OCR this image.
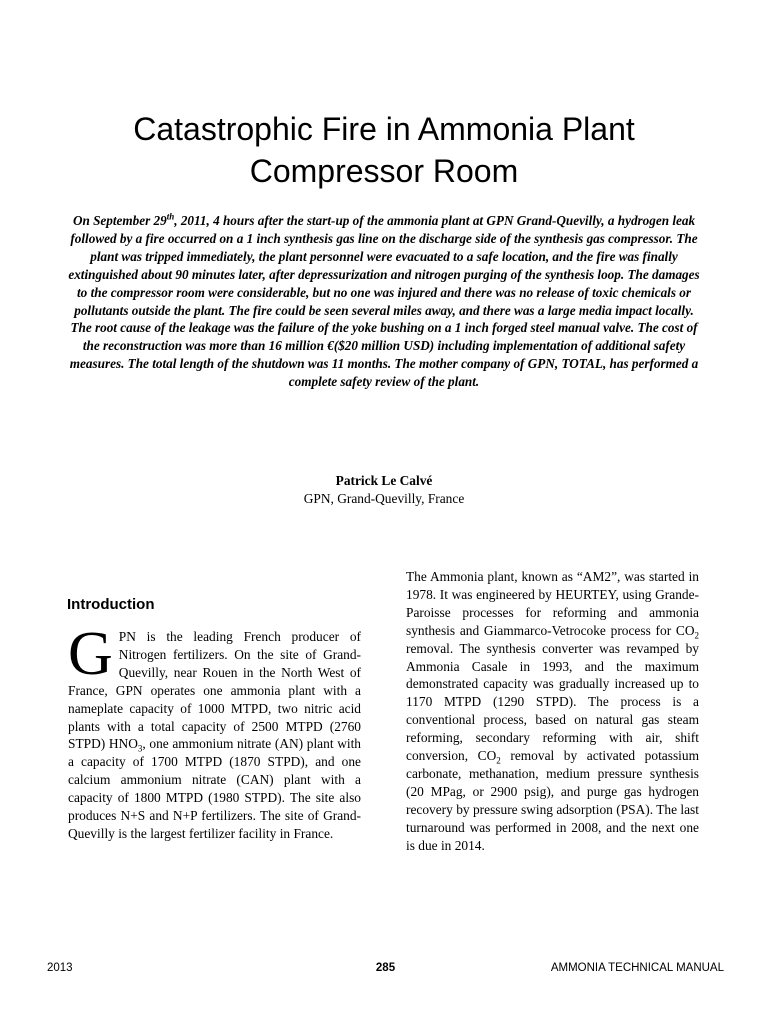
Catastrophic Fire in Ammonia Plant
Compressor Room
On September 29th, 2011, 4 hours after the start-up of the ammonia plant at GPN Grand-Quevilly, a hydrogen leak followed by a fire occurred on a 1 inch synthesis gas line on the discharge side of the synthesis gas compressor. The plant was tripped immediately, the plant personnel were evacuated to a safe location, and the fire was finally extinguished about 90 minutes later, after depressurization and nitrogen purging of the synthesis loop. The damages to the compressor room were considerable, but no one was injured and there was no release of toxic chemicals or pollutants outside the plant. The fire could be seen several miles away, and there was a large media impact locally. The root cause of the leakage was the failure of the yoke bushing on a 1 inch forged steel manual valve. The cost of the reconstruction was more than 16 million €($20 million USD) including implementation of additional safety measures. The total length of the shutdown was 11 months. The mother company of GPN, TOTAL, has performed a complete safety review of the plant.
Patrick Le Calvé
GPN, Grand-Quevilly, France
Introduction

GPN is the leading French producer of Nitrogen fertilizers. On the site of Grand-Quevilly, near Rouen in the North West of France, GPN operates one ammonia plant with a nameplate capacity of 1000 MTPD, two nitric acid plants with a total capacity of 2500 MTPD (2760 STPD) $HNO_3$, one ammonium nitrate (AN) plant with a capacity of 1700 MTPD (1870 STPD), and one calcium ammonium nitrate (CAN) plant with a capacity of 1800 MTPD (1980 STPD). The site also produces N+S and N+P fertilizers. The site of Grand-Quevilly is the largest fertilizer facility in France.

The Ammonia plant, known as “AM2”, was started in 1978. It was engineered by HEURTEY, using Grande-Paroisse processes for reforming and ammonia synthesis and Giammarco-Vetrocoke process for $CO_2$ removal. The synthesis converter was revamped by Ammonia Casale in 1993, and the maximum demonstrated capacity was gradually increased up to 1170 MTPD (1290 STPD). The process is a conventional process, based on natural gas steam reforming, secondary reforming with air, shift conversion, $CO_2$ removal by activated potassium carbonate, methanation, medium pressure synthesis (20 MPag, or 2900 psig), and purge gas hydrogen recovery by pressure swing adsorption (PSA). The last turnaround was performed in 2008, and the next one is due in 2014.

2013	285	AMMONIA TECHNICAL MANUAL
